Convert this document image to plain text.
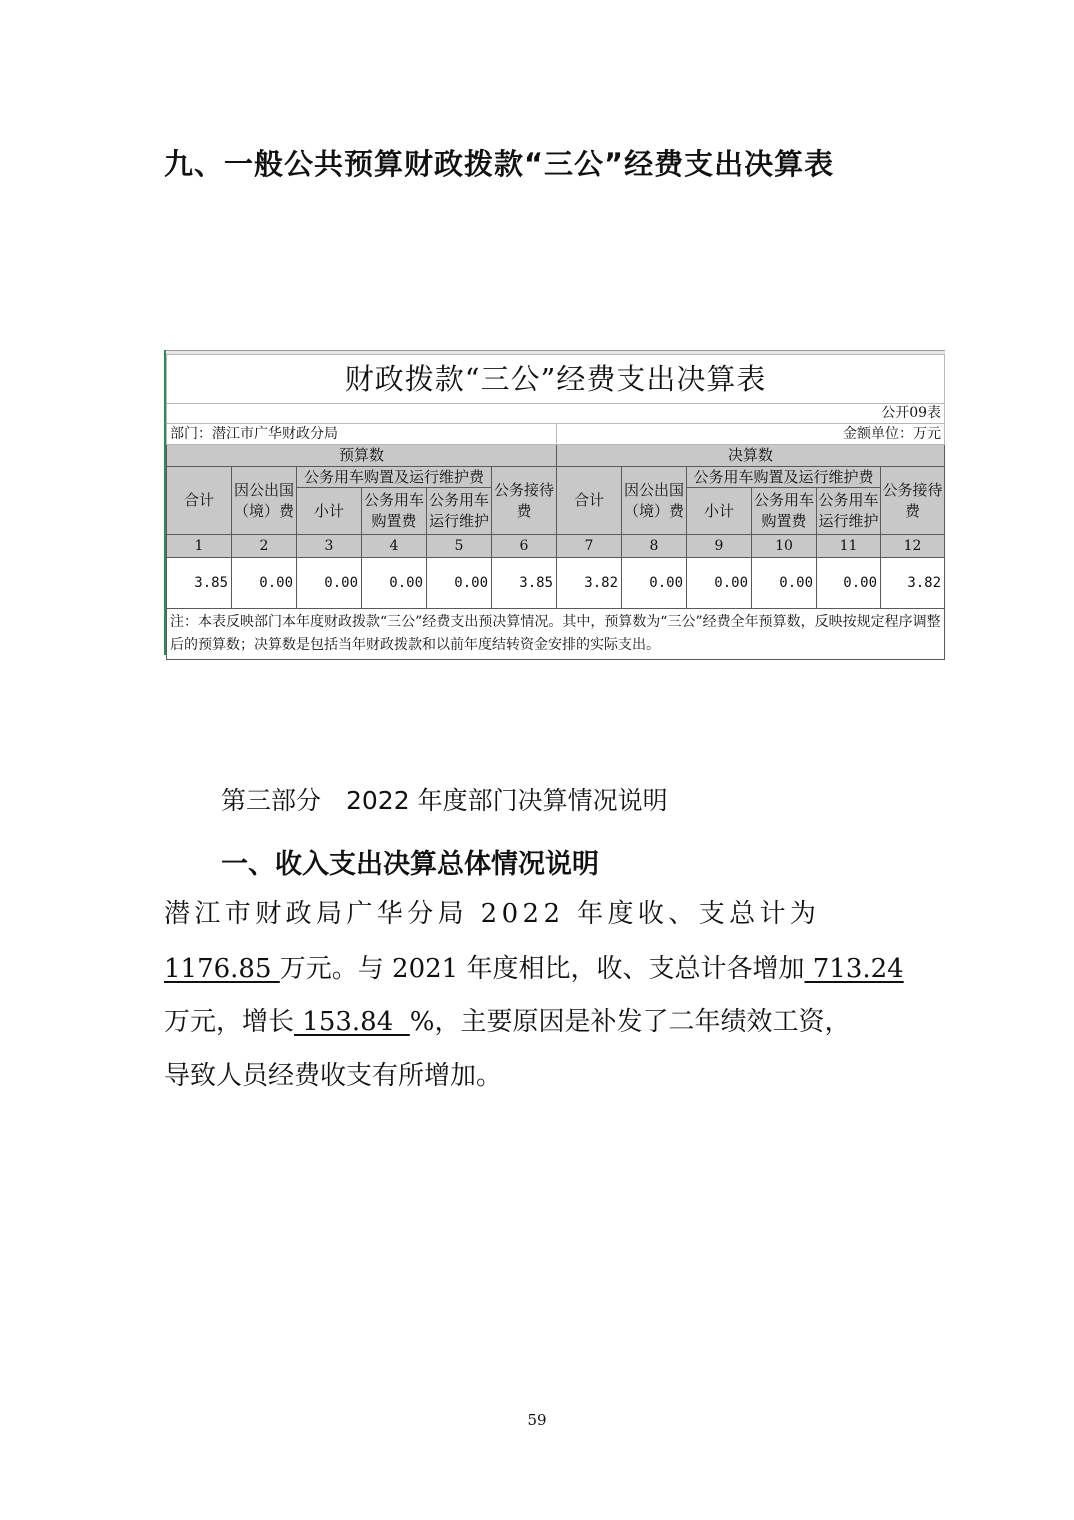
九、一般公共预算财政拨款“三公”经费支出决算表
财政拨款“三公”经费支出决算表											
公开09表											
部门：潜江市广华财政分局						金额单位：万元					
预算数						决算数					
合计	因公出国（境）费	公务用车购置及运行维护费			公务接待费	合计	因公出国（境）费	公务用车购置及运行维护费			公务接待费
		小计	公务用车购置费	公务用车运行维护				小计	公务用车购置费	公务用车运行维护	
1	2	3	4	5	6	7	8	9	10	11	12
3.85	0.00	0.00	0.00	0.00	3.85	3.82	0.00	0.00	0.00	0.00	3.82
注：本表反映部门本年度财政拨款“三公”经费支出预决算情况。其中，预算数为“三公”经费全年预算数，反映按规定程序调整后的预算数；决算数是包括当年财政拨款和以前年度结转资金安排的实际支出。											
第三部分　2022 年度部门决算情况说明
一、收入支出决算总体情况说明
潜江市财政局广华分局 2022 年度收、支总计为
1176.85 万元。与 2021 年度相比，收、支总计各增加 713.24
万元，增长 153.84  %，主要原因是补发了二年绩效工资，
导致人员经费收支有所增加。
59
